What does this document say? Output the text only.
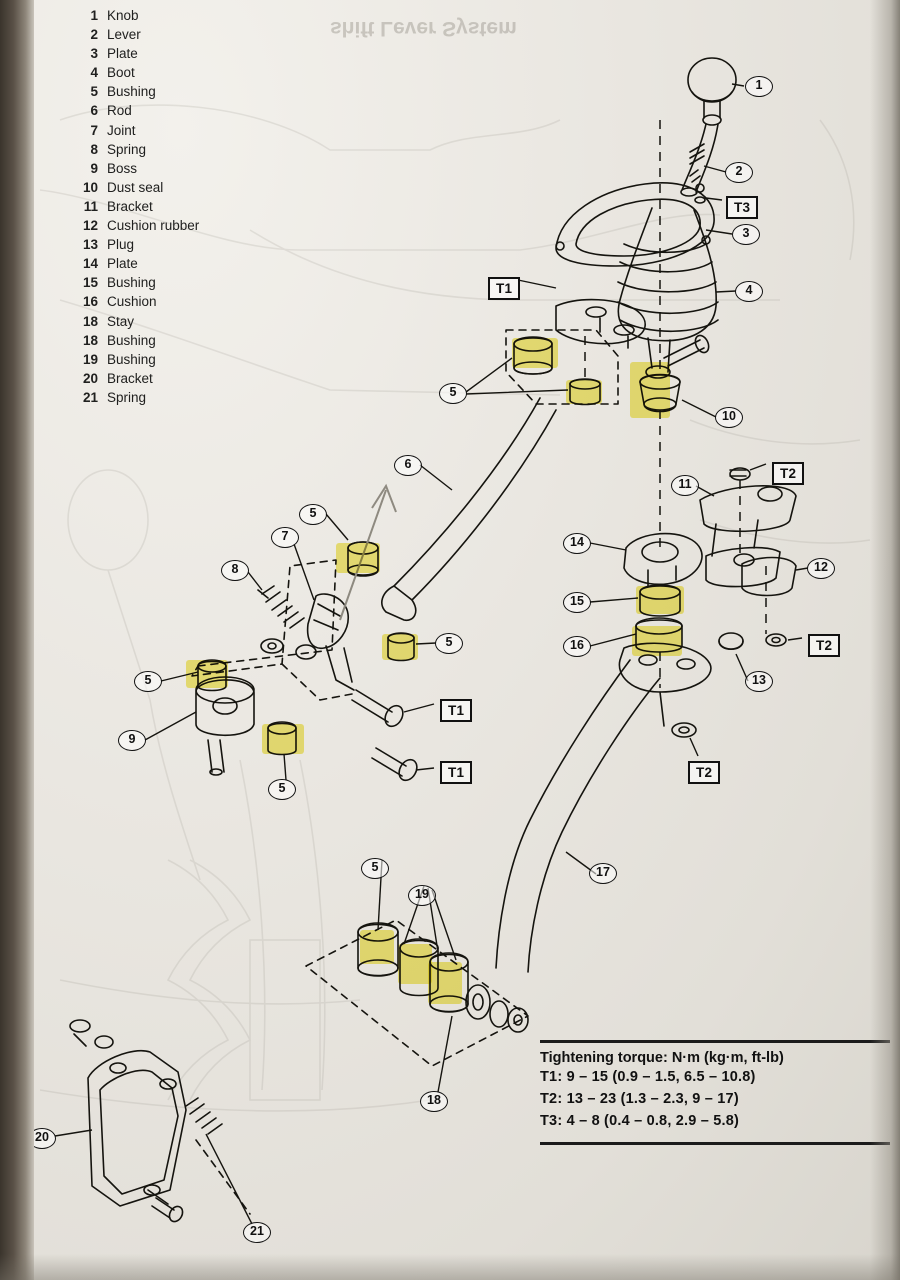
shift Lever System
1 Knob
2 Lever
3 Plate
4 Boot
5 Bushing
6 Rod
7 Joint
8 Spring
9 Boss
10 Dust seal
11 Bracket
12 Cushion rubber
13 Plug
14 Plate
15 Bushing
16 Cushion
18 Stay
18 Bushing
19 Bushing
20 Bracket
21 Spring
1
2
3
4
5
10
6
11
5
7	14
12
8
15
5	16
5	13
9
5
5	17
19
18
20
21
T3
T1
T2
T2
T1
T1	T2
Tightening torque: N·m (kg·m, ft-lb)
T1: 9 – 15 (0.9 – 1.5, 6.5 – 10.8)
T2: 13 – 23 (1.3 – 2.3, 9 – 17)
T3: 4 – 8 (0.4 – 0.8, 2.9 – 5.8)
